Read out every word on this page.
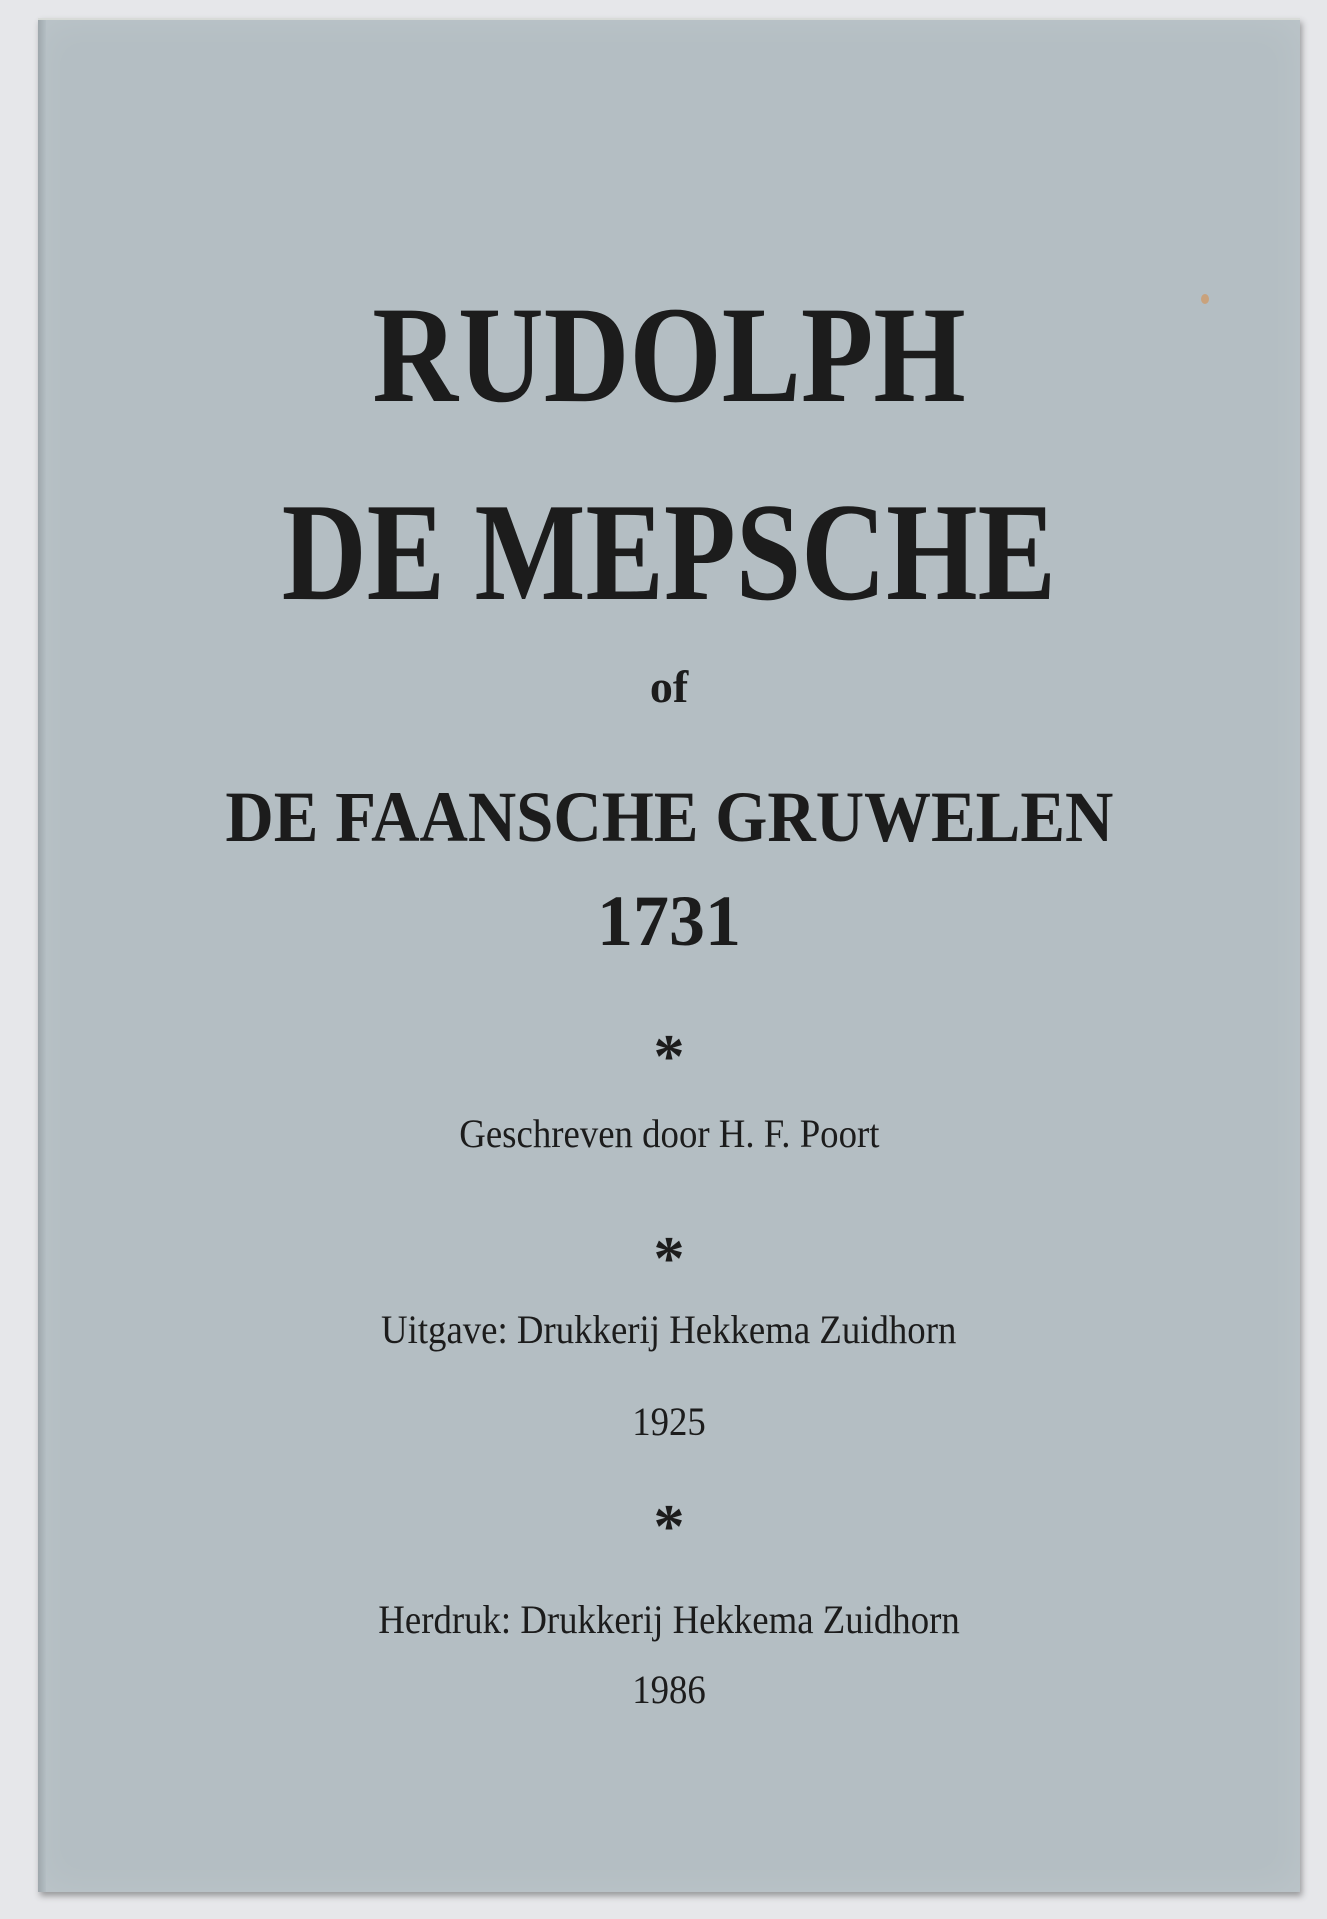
RUDOLPH
DE MEPSCHE
of
DE FAANSCHE GRUWELEN
1731
*
Geschreven door H. F. Poort
*
Uitgave: Drukkerij Hekkema Zuidhorn
1925
*
Herdruk: Drukkerij Hekkema Zuidhorn
1986
